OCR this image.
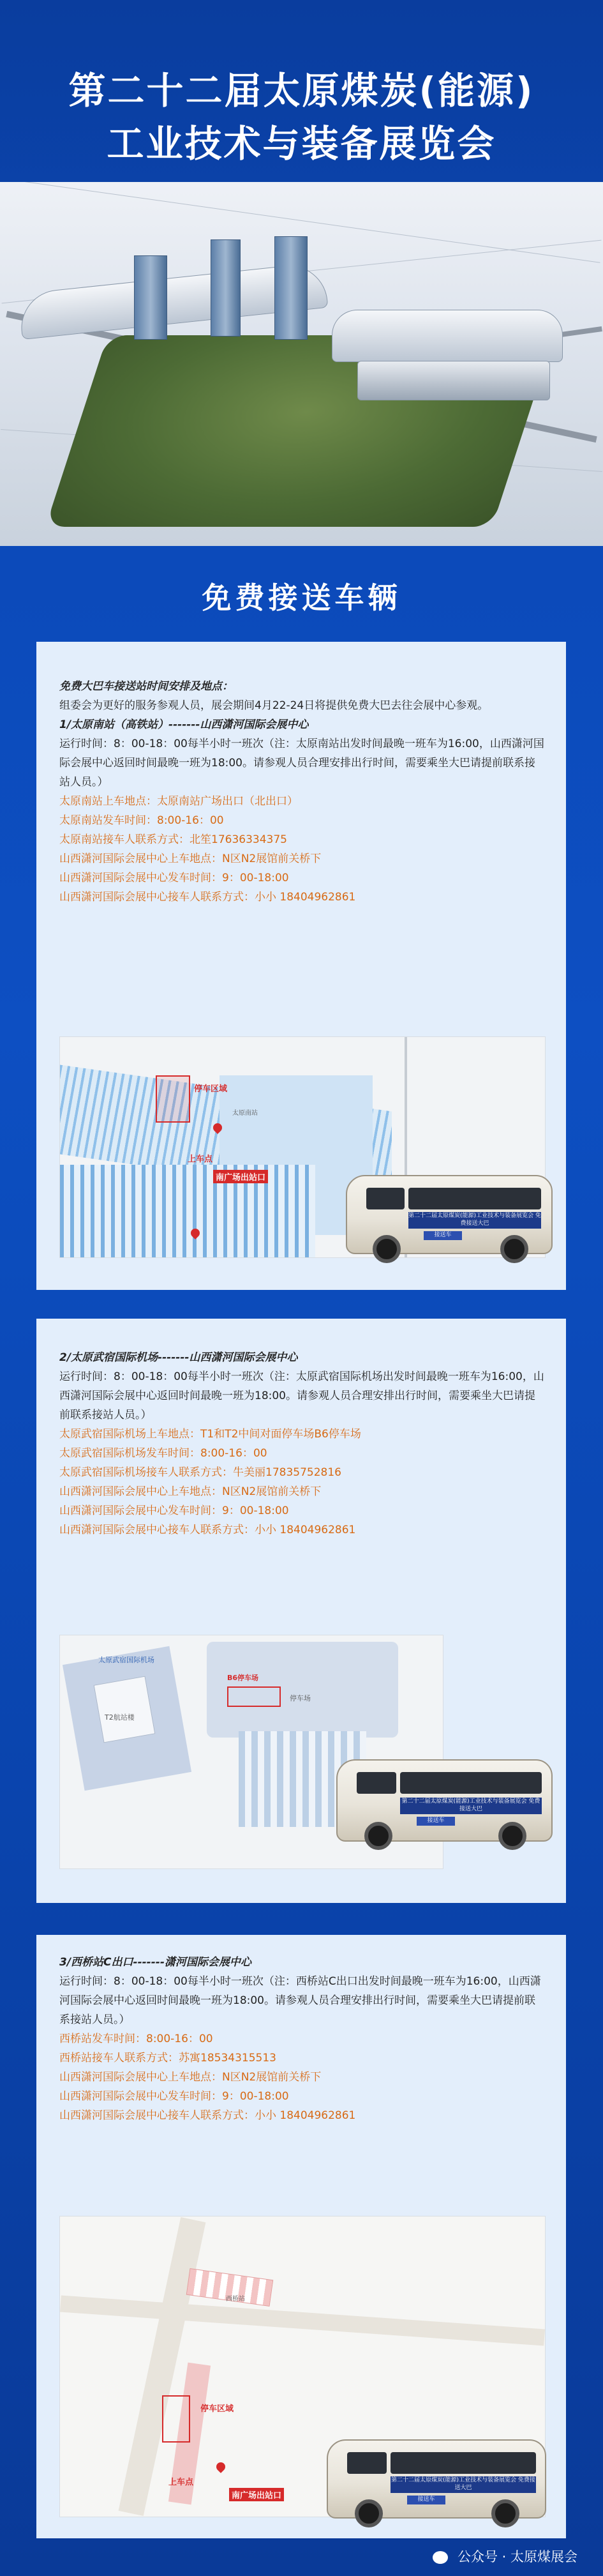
第二十二届太原煤炭(能源)
工业技术与装备展览会
免费接送车辆
免费大巴车接送站时间安排及地点：
组委会为更好的服务参观人员，展会期间4月22-24日将提供免费大巴去往会展中心参观。
1/太原南站（高铁站）-------山西潇河国际会展中心
运行时间：8：00-18：00每半小时一班次（注：太原南站出发时间最晚一班车为16:00，山西潇河国际会展中心返回时间最晚一班为18:00。请参观人员合理安排出行时间，需要乘坐大巴请提前联系接站人员。）
太原南站上车地点：太原南站广场出口（北出口）
太原南站发车时间：8:00-16：00
太原南站接车人联系方式：北笙17636334375
山西潇河国际会展中心上车地点：N区N2展馆前关桥下
山西潇河国际会展中心发车时间：9：00-18:00
山西潇河国际会展中心接车人联系方式：小小 18404962861
停车区域
上车点
南广场出站口
太原南站
第二十二届太原煤炭(能源)工业技术与装备展览会 免费接送大巴
接送车
2/太原武宿国际机场-------山西潇河国际会展中心
运行时间：8：00-18：00每半小时一班次（注：太原武宿国际机场出发时间最晚一班车为16:00，山西潇河国际会展中心返回时间最晚一班为18:00。请参观人员合理安排出行时间，需要乘坐大巴请提前联系接站人员。）
太原武宿国际机场上车地点：T1和T2中间对面停车场B6停车场
太原武宿国际机场发车时间：8:00-16：00
太原武宿国际机场接车人联系方式：牛美丽17835752816
山西潇河国际会展中心上车地点：N区N2展馆前关桥下
山西潇河国际会展中心发车时间：9：00-18:00
山西潇河国际会展中心接车人联系方式：小小 18404962861
太原武宿国际机场
T2航站楼
停车场
B6停车场
第二十二届太原煤炭(能源)工业技术与装备展览会 免费接送大巴
接送车
3/西桥站C出口-------潇河国际会展中心
运行时间：8：00-18：00每半小时一班次（注：西桥站C出口出发时间最晚一班车为16:00，山西潇河国际会展中心返回时间最晚一班为18:00。请参观人员合理安排出行时间，需要乘坐大巴请提前联系接站人员。）
西桥站发车时间：8:00-16：00
西桥站接车人联系方式：苏寓18534315513
山西潇河国际会展中心上车地点：N区N2展馆前关桥下
山西潇河国际会展中心发车时间：9：00-18:00
山西潇河国际会展中心接车人联系方式：小小 18404962861
停车区域
上车点
南广场出站口
西桥站
第二十二届太原煤炭(能源)工业技术与装备展览会 免费接送大巴
接送车
公众号 · 太原煤展会
